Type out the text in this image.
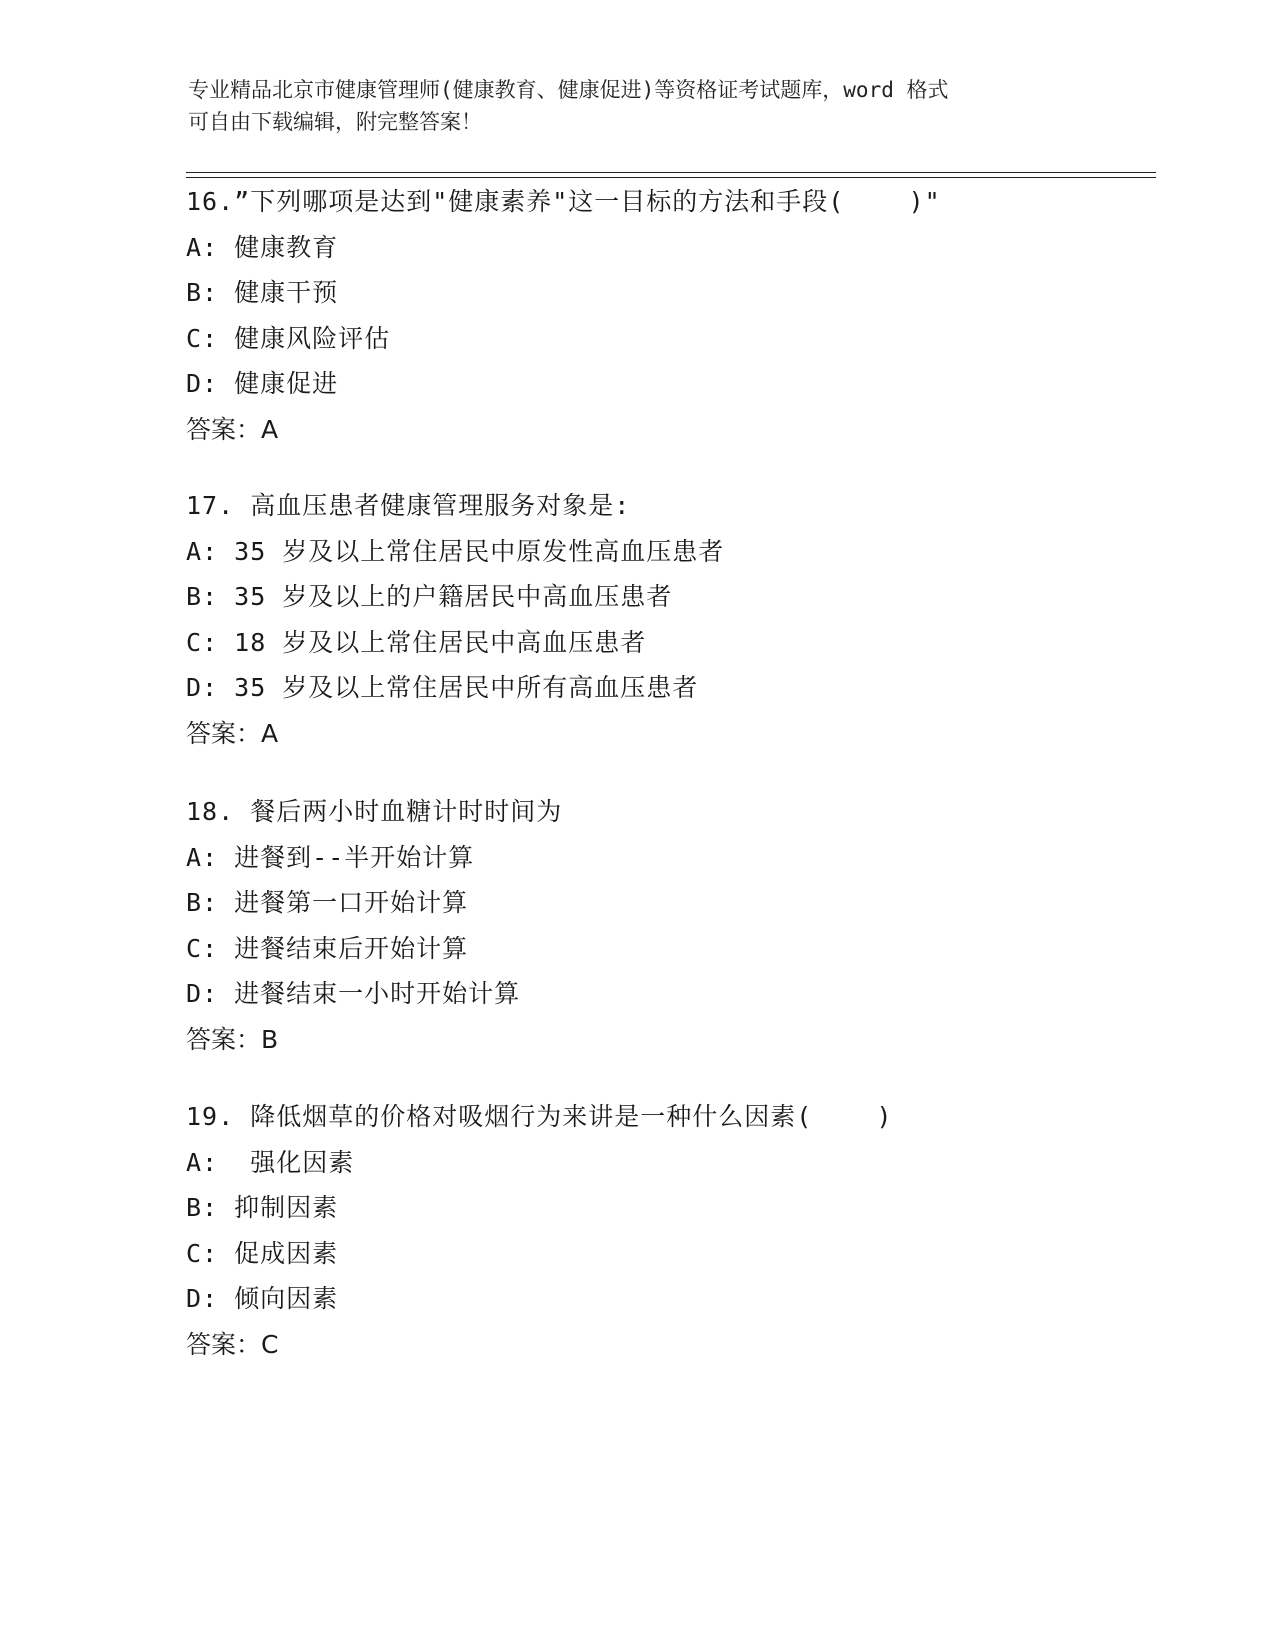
专业精品北京市健康管理师(健康教育、健康促进)等资格证考试题库，word 格式
可自由下载编辑，附完整答案！
16.”下列哪项是达到"健康素养"这一目标的方法和手段(    )"
A: 健康教育
B: 健康干预
C: 健康风险评估
D: 健康促进
答案：A
17. 高血压患者健康管理服务对象是:
A: 35 岁及以上常住居民中原发性高血压患者
B: 35 岁及以上的户籍居民中高血压患者
C: 18 岁及以上常住居民中高血压患者
D: 35 岁及以上常住居民中所有高血压患者
答案：A
18. 餐后两小时血糖计时时间为
A: 进餐到--半开始计算
B: 进餐第一口开始计算
C: 进餐结束后开始计算
D: 进餐结束一小时开始计算
答案：B
19. 降低烟草的价格对吸烟行为来讲是一种什么因素(    )
A:  强化因素
B: 抑制因素
C: 促成因素
D: 倾向因素
答案：C
